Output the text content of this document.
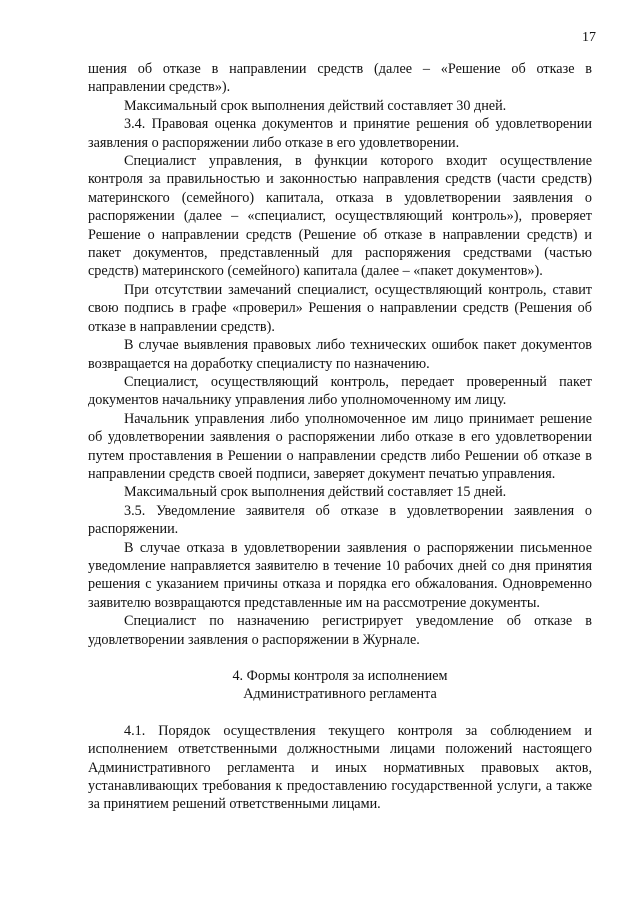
17

шения об отказе в направлении средств (далее – «Решение об отказе в направлении средств»).

Максимальный срок выполнения действий составляет 30 дней.

3.4. Правовая оценка документов и принятие решения об удовлетворении заявления о распоряжении либо отказе в его удовлетворении.

Специалист управления, в функции которого входит осуществление контроля за правильностью и законностью направления средств (части средств) материнского (семейного) капитала, отказа в удовлетворении заявления о распоряжении (далее – «специалист, осуществляющий контроль»), проверяет Решение о направлении средств (Решение об отказе в направлении средств) и пакет документов, представленный для распоряжения средствами (частью средств) материнского (семейного) капитала (далее – «пакет документов»).

При отсутствии замечаний специалист, осуществляющий контроль, ставит свою подпись в графе «проверил» Решения о направлении средств (Решения об отказе в направлении средств).

В случае выявления правовых либо технических ошибок пакет документов возвращается на доработку специалисту по назначению.

Специалист, осуществляющий контроль, передает проверенный пакет документов начальнику управления либо уполномоченному им лицу.

Начальник управления либо уполномоченное им лицо принимает решение об удовлетворении заявления о распоряжении либо отказе в его удовлетворении путем проставления в Решении о направлении средств либо Решении об отказе в направлении средств своей подписи, заверяет документ печатью управления.

Максимальный срок выполнения действий составляет 15 дней.

3.5. Уведомление заявителя об отказе в удовлетворении заявления о распоряжении.

В случае отказа в удовлетворении заявления о распоряжении письменное уведомление направляется заявителю в течение 10 рабочих дней со дня принятия решения с указанием причины отказа и порядка его обжалования. Одновременно заявителю возвращаются представленные им на рассмотрение документы.

Специалист по назначению регистрирует уведомление об отказе в удовлетворении заявления о распоряжении в Журнале.

4. Формы контроля за исполнением
Административного регламента

4.1. Порядок осуществления текущего контроля за соблюдением и исполнением ответственными должностными лицами положений настоящего Административного регламента и иных нормативных правовых актов, устанавливающих требования к предоставлению государственной услуги, а также за принятием решений ответственными лицами.
